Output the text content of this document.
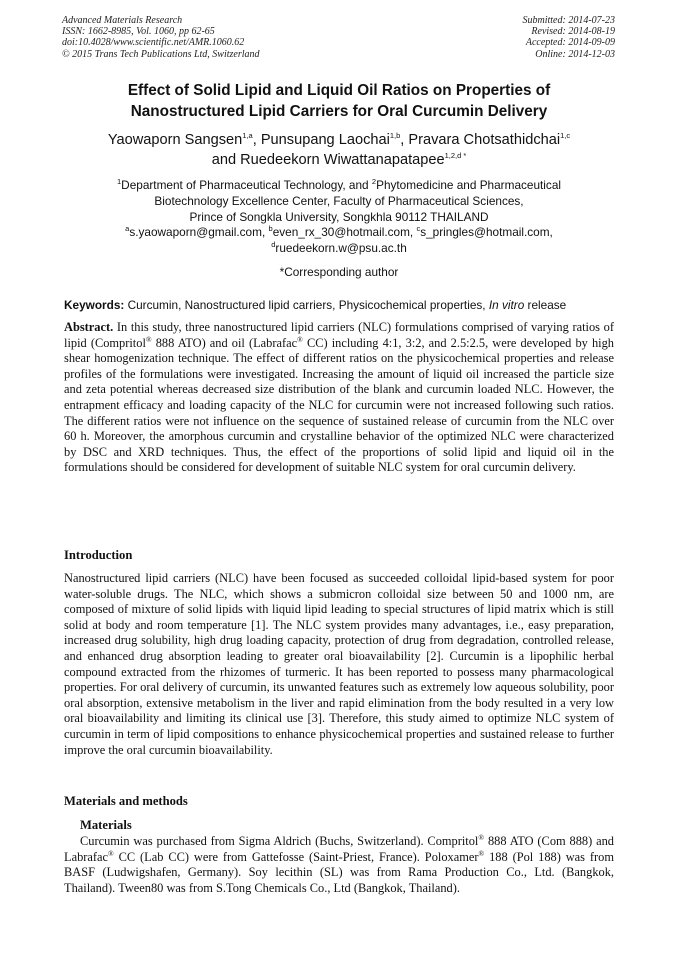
Advanced Materials Research
ISSN: 1662-8985, Vol. 1060, pp 62-65
doi:10.4028/www.scientific.net/AMR.1060.62
© 2015 Trans Tech Publications Ltd, Switzerland
Submitted: 2014-07-23
Revised: 2014-08-19
Accepted: 2014-09-09
Online: 2014-12-03
Effect of Solid Lipid and Liquid Oil Ratios on Properties of
Nanostructured Lipid Carriers for Oral Curcumin Delivery
Yaowaporn Sangsen$^{1,a}$, Punsupang Laochai$^{1,b}$, Pravara Chotsathidchai$^{1,c}$
and Ruedeekorn Wiwattanapatapee$^{1,2,d *}$
$^1$Department of Pharmaceutical Technology, and $^2$Phytomedicine and Pharmaceutical
Biotechnology Excellence Center, Faculty of Pharmaceutical Sciences,
Prince of Songkla University, Songkhla 90112 THAILAND
$^a$s.yaowaporn@gmail.com, $^b$even_rx_30@hotmail.com, $^c$s_pringles@hotmail.com,
$^d$ruedeekorn.w@psu.ac.th
*Corresponding author
Keywords: Curcumin, Nanostructured lipid carriers, Physicochemical properties, In vitro release
Abstract. In this study, three nanostructured lipid carriers (NLC) formulations comprised of varying ratios of lipid (Compritol® 888 ATO) and oil (Labrafac® CC) including 4:1, 3:2, and 2.5:2.5, were developed by high shear homogenization technique. The effect of different ratios on the physicochemical properties and release profiles of the formulations were investigated. Increasing the amount of liquid oil increased the particle size and zeta potential whereas decreased size distribution of the blank and curcumin loaded NLC. However, the entrapment efficacy and loading capacity of the NLC for curcumin were not increased following such ratios. The different ratios were not influence on the sequence of sustained release of curcumin from the NLC over 60 h. Moreover, the amorphous curcumin and crystalline behavior of the optimized NLC were characterized by DSC and XRD techniques. Thus, the effect of the proportions of solid lipid and liquid oil in the formulations should be considered for development of suitable NLC system for oral curcumin delivery.
Introduction
Nanostructured lipid carriers (NLC) have been focused as succeeded colloidal lipid-based system for poor water-soluble drugs. The NLC, which shows a submicron colloidal size between 50 and 1000 nm, are composed of mixture of solid lipids with liquid lipid leading to special structures of lipid matrix which is still solid at body and room temperature [1]. The NLC system provides many advantages, i.e., easy preparation, increased drug solubility, high drug loading capacity, protection of drug from degradation, controlled release, and enhanced drug absorption leading to greater oral bioavailability [2]. Curcumin is a lipophilic herbal compound extracted from the rhizomes of turmeric. It has been reported to possess many pharmacological properties. For oral delivery of curcumin, its unwanted features such as extremely low aqueous solubility, poor oral absorption, extensive metabolism in the liver and rapid elimination from the body resulted in a very low oral bioavailability and limiting its clinical use [3]. Therefore, this study aimed to optimize NLC system of curcumin in term of lipid compositions to enhance physicochemical properties and sustained release to further improve the oral curcumin bioavailability.
Materials and methods
Materials
Curcumin was purchased from Sigma Aldrich (Buchs, Switzerland). Compritol® 888 ATO (Com 888) and Labrafac® CC (Lab CC) were from Gattefosse (Saint-Priest, France). Poloxamer® 188 (Pol 188) was from BASF (Ludwigshafen, Germany). Soy lecithin (SL) was from Rama Production Co., Ltd. (Bangkok, Thailand). Tween80 was from S.Tong Chemicals Co., Ltd (Bangkok, Thailand).
